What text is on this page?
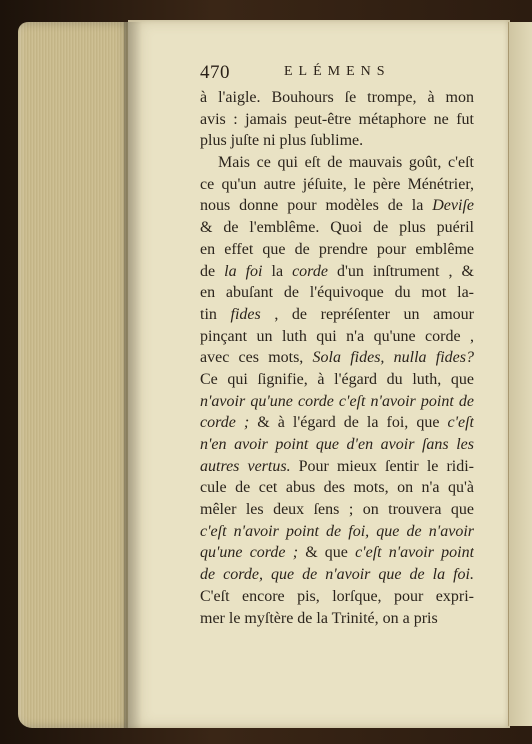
470	ELÉMENS
à l'aigle. Bouhours ſe trompe, à mon
avis : jamais peut-être métaphore ne fut
plus juſte ni plus ſublime.
Mais ce qui eſt de mauvais goût, c'eſt
ce qu'un autre jéſuite, le père Ménétrier,
nous donne pour modèles de la Deviſe
& de l'emblême. Quoi de plus puéril
en effet que de prendre pour emblême
de la foi la corde d'un inſtrument , &
en abuſant de l'équivoque du mot la-
tin fides , de repréſenter un amour
pinçant un luth qui n'a qu'une corde ,
avec ces mots, Sola fides, nulla fides?
Ce qui ſignifie, à l'égard du luth, que
n'avoir qu'une corde c'eſt n'avoir point de
corde ; & à l'égard de la foi, que c'eſt
n'en avoir point que d'en avoir ſans les
autres vertus. Pour mieux ſentir le ridi-
cule de cet abus des mots, on n'a qu'à
mêler les deux ſens ; on trouvera que
c'eſt n'avoir point de foi, que de n'avoir
qu'une corde ; & que c'eſt n'avoir point
de corde, que de n'avoir que de la foi.
C'eſt encore pis, lorſque, pour expri-
mer le myſtère de la Trinité, on a pris
